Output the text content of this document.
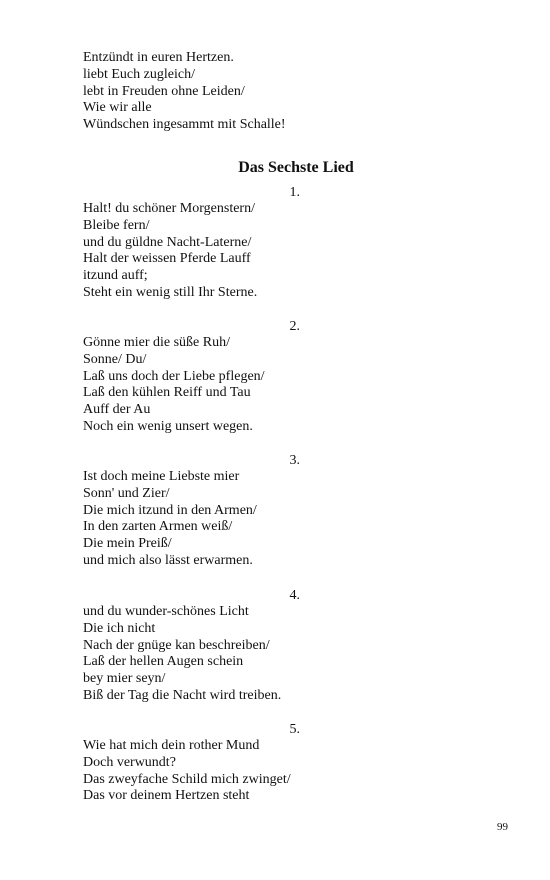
Entzündt in euren Hertzen.
liebt Euch zugleich/
lebt in Freuden ohne Leiden/
Wie wir alle
Wündschen ingesammt mit Schalle!
Das Sechste Lied
1.
Halt! du schöner Morgenstern/
Bleibe fern/
und du güldne Nacht-Laterne/
Halt der weissen Pferde Lauff
itzund auff;
Steht ein wenig still Ihr Sterne.
2.
Gönne mier die süße Ruh/
Sonne/ Du/
Laß uns doch der Liebe pflegen/
Laß den kühlen Reiff und Tau
Auff der Au
Noch ein wenig unsert wegen.
3.
Ist doch meine Liebste mier
Sonn' und Zier/
Die mich itzund in den Armen/
In den zarten Armen weiß/
Die mein Preiß/
und mich also lässt erwarmen.
4.
und du wunder-schönes Licht
Die ich nicht
Nach der gnüge kan beschreiben/
Laß der hellen Augen schein
bey mier seyn/
Biß der Tag die Nacht wird treiben.
5.
Wie hat mich dein rother Mund
Doch verwundt?
Das zweyfache Schild mich zwinget/
Das vor deinem Hertzen steht
99
